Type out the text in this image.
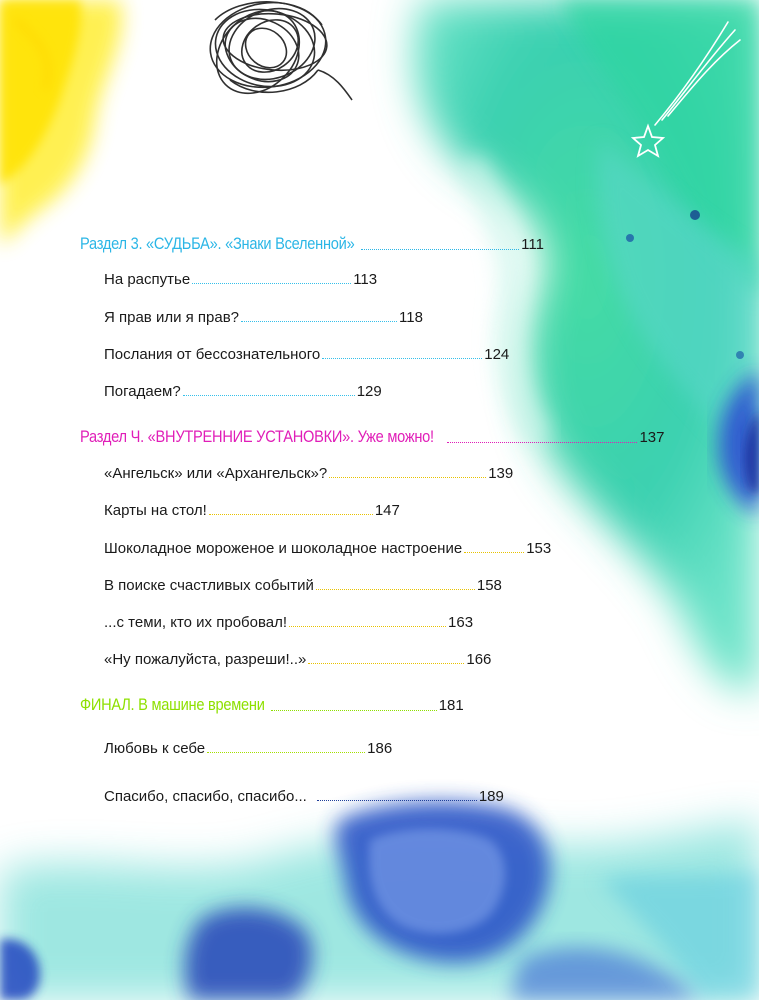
Раздел 3. «СУДЬБА». «Знаки Вселенной»	111
На распутье	113
Я прав или я прав?	118
Послания от бессознательного	124
Погадаем?	129
Раздел Ч. «ВНУТРЕННИЕ УСТАНОВКИ». Уже можно!	137
«Ангельск» или «Архангельск»?	139
Карты на стол!	147
Шоколадное мороженое и шоколадное настроение	153
В поиске счастливых событий	158
...с теми, кто их пробовал!	163
«Ну пожалуйста, разреши!..»	166
ФИНАЛ. В машине времени	181
Любовь к себе	186
Спасибо, спасибо, спасибо...	189
